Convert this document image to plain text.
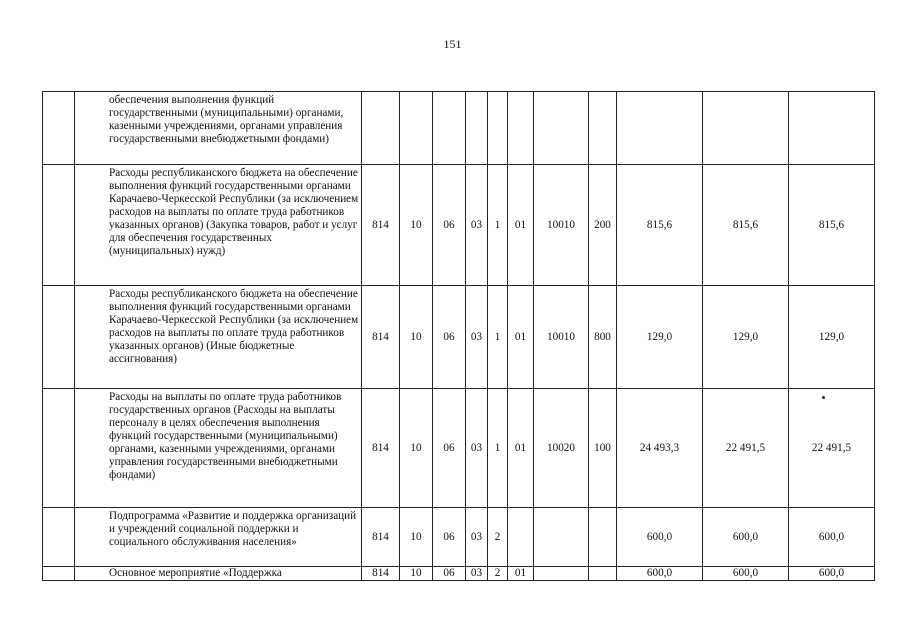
151
	обеспечения выполнения функций государственными (муниципальными) органами, казенными учреждениями, органами управления государственными внебюджетными фондами)											
	Расходы республиканского бюджета на обеспечение выполнения функций государственными органами Карачаево-Черкесской Республики (за исключением расходов на выплаты по оплате труда работников указанных органов) (Закупка товаров, работ и услуг для обеспечения государственных (муниципальных) нужд)	814	10	06	03	1	01	10010	200	815,6	815,6	815,6
	Расходы республиканского бюджета на обеспечение выполнения функций государственными органами Карачаево-Черкесской Республики (за исключением расходов на выплаты по оплате труда работников указанных органов) (Иные бюджетные ассигнования)	814	10	06	03	1	01	10010	800	129,0	129,0	129,0
	Расходы на выплаты по оплате труда работников государственных органов (Расходы на выплаты персоналу в целях обеспечения выполнения функций государственными (муниципальными) органами, казенными учреждениями, органами управления государственными внебюджетными фондами)	814	10	06	03	1	01	10020	100	24 493,3	22 491,5	22 491,5
	Подпрограмма «Развитие и поддержка организаций и учреждений социальной поддержки и социального обслуживания населения»	814	10	06	03	2				600,0	600,0	600,0
	Основное мероприятие «Поддержка	814	10	06	03	2	01			600,0	600,0	600,0
